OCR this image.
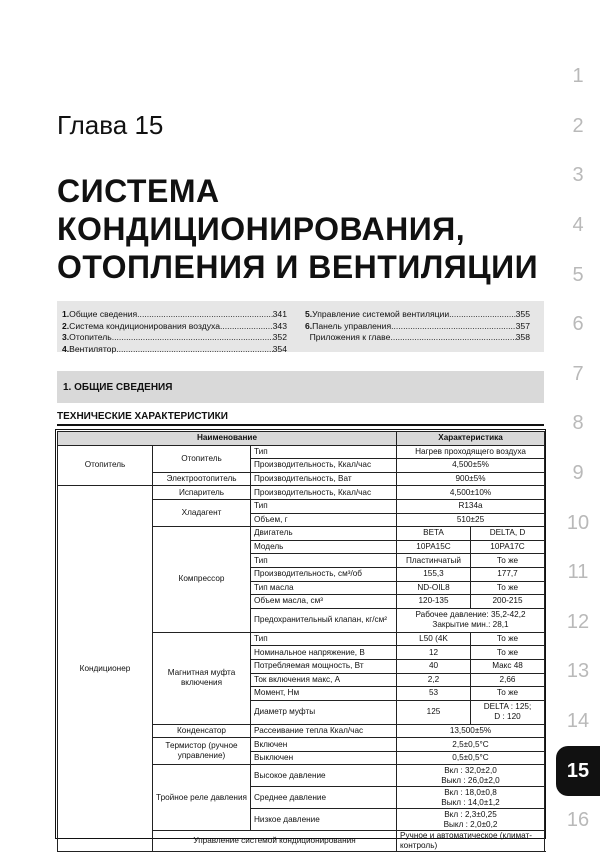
1
2
3
4
5
6
7
8
9
10
11
12
13
14
15
16
Глава 15
СИСТЕМА
КОНДИЦИОНИРОВАНИЯ,
ОТОПЛЕНИЯ И ВЕНТИЛЯЦИИ
1. Общие сведения .....	341
2. Система кондиционирования воздуха .....	343
3. Отопитель .....	352
4. Вентилятор .....	354
5. Управление системой вентиляции .....	355
6. Панель управления .....	357
Приложения к главе .....	358
1. ОБЩИЕ СВЕДЕНИЯ
ТЕХНИЧЕСКИЕ ХАРАКТЕРИСТИКИ
Наименование			Характеристика	
Отопитель	Отопитель	Тип	Нагрев проходящего воздуха	
		Производительность, Ккал/час	4,500±5%	
	Электроотопитель	Производительность, Ват	900±5%	
Кондиционер	Испаритель	Производительность, Ккал/час	4,500±10%	
	Хладагент	Тип	R134a	
		Объем, г	510±25	
	Компрессор	Двигатель	BETA	DELTA, D
		Модель	10PA15C	10PA17C
		Тип	Пластинчатый	То же
		Производительность, см³/об	155,3	177,7
		Тип масла	ND-OIL8	То же
		Объем масла, см³	120-135	200-215
		Предохранительный клапан, кг/см²	Рабочее давление: 35,2-42,2
Закрытие мин.: 28,1	

	Магнитная муфта включения	Тип	L50 (4K	То же
		Номинальное напряжение, В	12	То же
		Потребляемая мощность, Вт	40	Макс 48
		Ток включения макс, А	2,2	2,66
		Момент, Нм	53	То же
		Диаметр муфты	125	DELTA : 125;
D : 120

	Конденсатор	Рассеивание тепла Ккал/час	13,500±5%	
	Термистор (ручное управление)	Включен	2,5±0,5°C	
		Выключен	0,5±0,5°C	
	Тройное реле давления	Высокое давление	Вкл : 32,0±2,0
Выкл : 26,0±2,0	

		Среднее давление	Вкл : 18,0±0,8
Выкл : 14,0±1,2	

		Низкое давление	Вкл : 2,3±0,25
Выкл : 2,0±0,2	

	Управление системой кондиционирования		Ручное и автоматическое (климат-контроль)	
